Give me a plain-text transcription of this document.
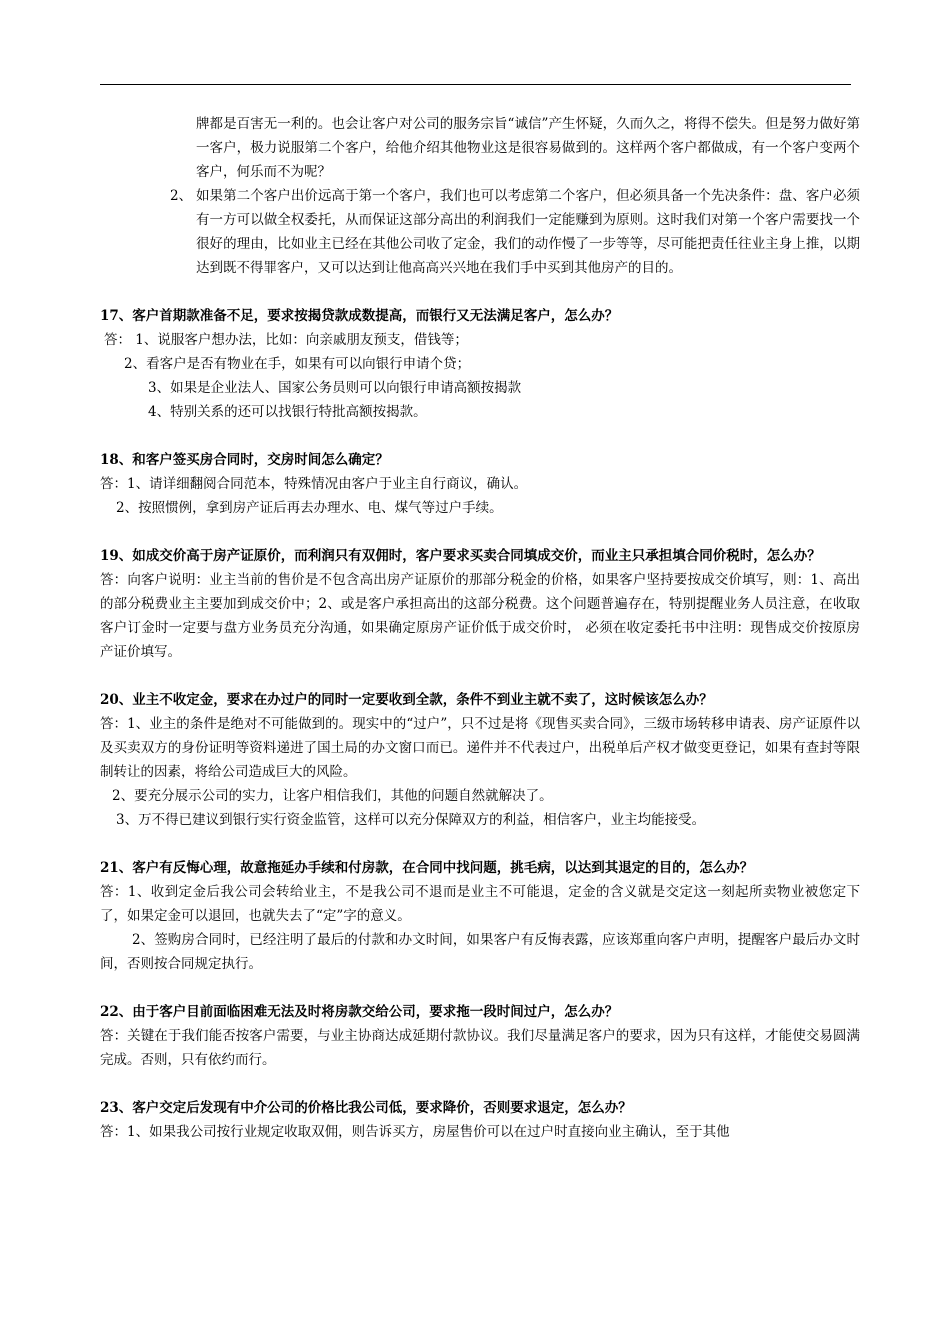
牌都是百害无一利的。也会让客户对公司的服务宗旨“诚信”产生怀疑，久而久之，将得不偿失。但是努力做好第一客户，极力说服第二个客户，给他介绍其他物业这是很容易做到的。这样两个客户都做成，有一个客户变两个客户，何乐而不为呢？

2、 如果第二个客户出价远高于第一个客户，我们也可以考虑第二个客户，但必须具备一个先决条件：盘、客户必须有一方可以做全权委托，从而保证这部分高出的利润我们一定能赚到为原则。这时我们对第一个客户需要找一个很好的理由，比如业主已经在其他公司收了定金，我们的动作慢了一步等等，尽可能把责任往业主身上推，以期达到既不得罪客户，又可以达到让他高高兴兴地在我们手中买到其他房产的目的。

17、客户首期款准备不足，要求按揭贷款成数提高，而银行又无法满足客户，怎么办？

答： 1、说服客户想办法，比如：向亲戚朋友预支，借钱等；

2、看客户是否有物业在手，如果有可以向银行申请个贷；

3、如果是企业法人、国家公务员则可以向银行申请高额按揭款

4、特别关系的还可以找银行特批高额按揭款。

18、和客户签买房合同时，交房时间怎么确定？

答：1、请详细翻阅合同范本，特殊情况由客户于业主自行商议，确认。

2、按照惯例，拿到房产证后再去办理水、电、煤气等过户手续。

19、如成交价高于房产证原价，而利润只有双佣时，客户要求买卖合同填成交价，而业主只承担填合同价税时，怎么办？

答：向客户说明：业主当前的售价是不包含高出房产证原价的那部分税金的价格，如果客户坚持要按成交价填写，则：1、高出的部分税费业主主要加到成交价中；2、或是客户承担高出的这部分税费。这个问题普遍存在，特别提醒业务人员注意，在收取客户订金时一定要与盘方业务员充分沟通，如果确定原房产证价低于成交价时， 必须在收定委托书中注明：现售成交价按原房产证价填写。

20、业主不收定金，要求在办过户的同时一定要收到全款，条件不到业主就不卖了，这时候该怎么办？

答：1、业主的条件是绝对不可能做到的。现实中的“过户”，只不过是将《现售买卖合同》，三级市场转移申请表、房产证原件以及买卖双方的身份证明等资料递进了国土局的办文窗口而已。递件并不代表过户，出税单后产权才做变更登记，如果有查封等限制转让的因素，将给公司造成巨大的风险。

2、要充分展示公司的实力，让客户相信我们，其他的问题自然就解决了。

3、万不得已建议到银行实行资金监管，这样可以充分保障双方的利益，相信客户，业主均能接受。

21、客户有反悔心理，故意拖延办手续和付房款，在合同中找问题，挑毛病，以达到其退定的目的，怎么办？

答：1、收到定金后我公司会转给业主，不是我公司不退而是业主不可能退，定金的含义就是交定这一刻起所卖物业被您定下了，如果定金可以退回，也就失去了“定”字的意义。

2、签购房合同时，已经注明了最后的付款和办文时间，如果客户有反悔表露，应该郑重向客户声明，提醒客户最后办文时间，否则按合同规定执行。

22、由于客户目前面临困难无法及时将房款交给公司，要求拖一段时间过户，怎么办？

答：关键在于我们能否按客户需要，与业主协商达成延期付款协议。我们尽量满足客户的要求，因为只有这样，才能使交易圆满完成。否则，只有依约而行。

23、客户交定后发现有中介公司的价格比我公司低，要求降价，否则要求退定，怎么办？

答：1、如果我公司按行业规定收取双佣，则告诉买方，房屋售价可以在过户时直接向业主确认，至于其他
